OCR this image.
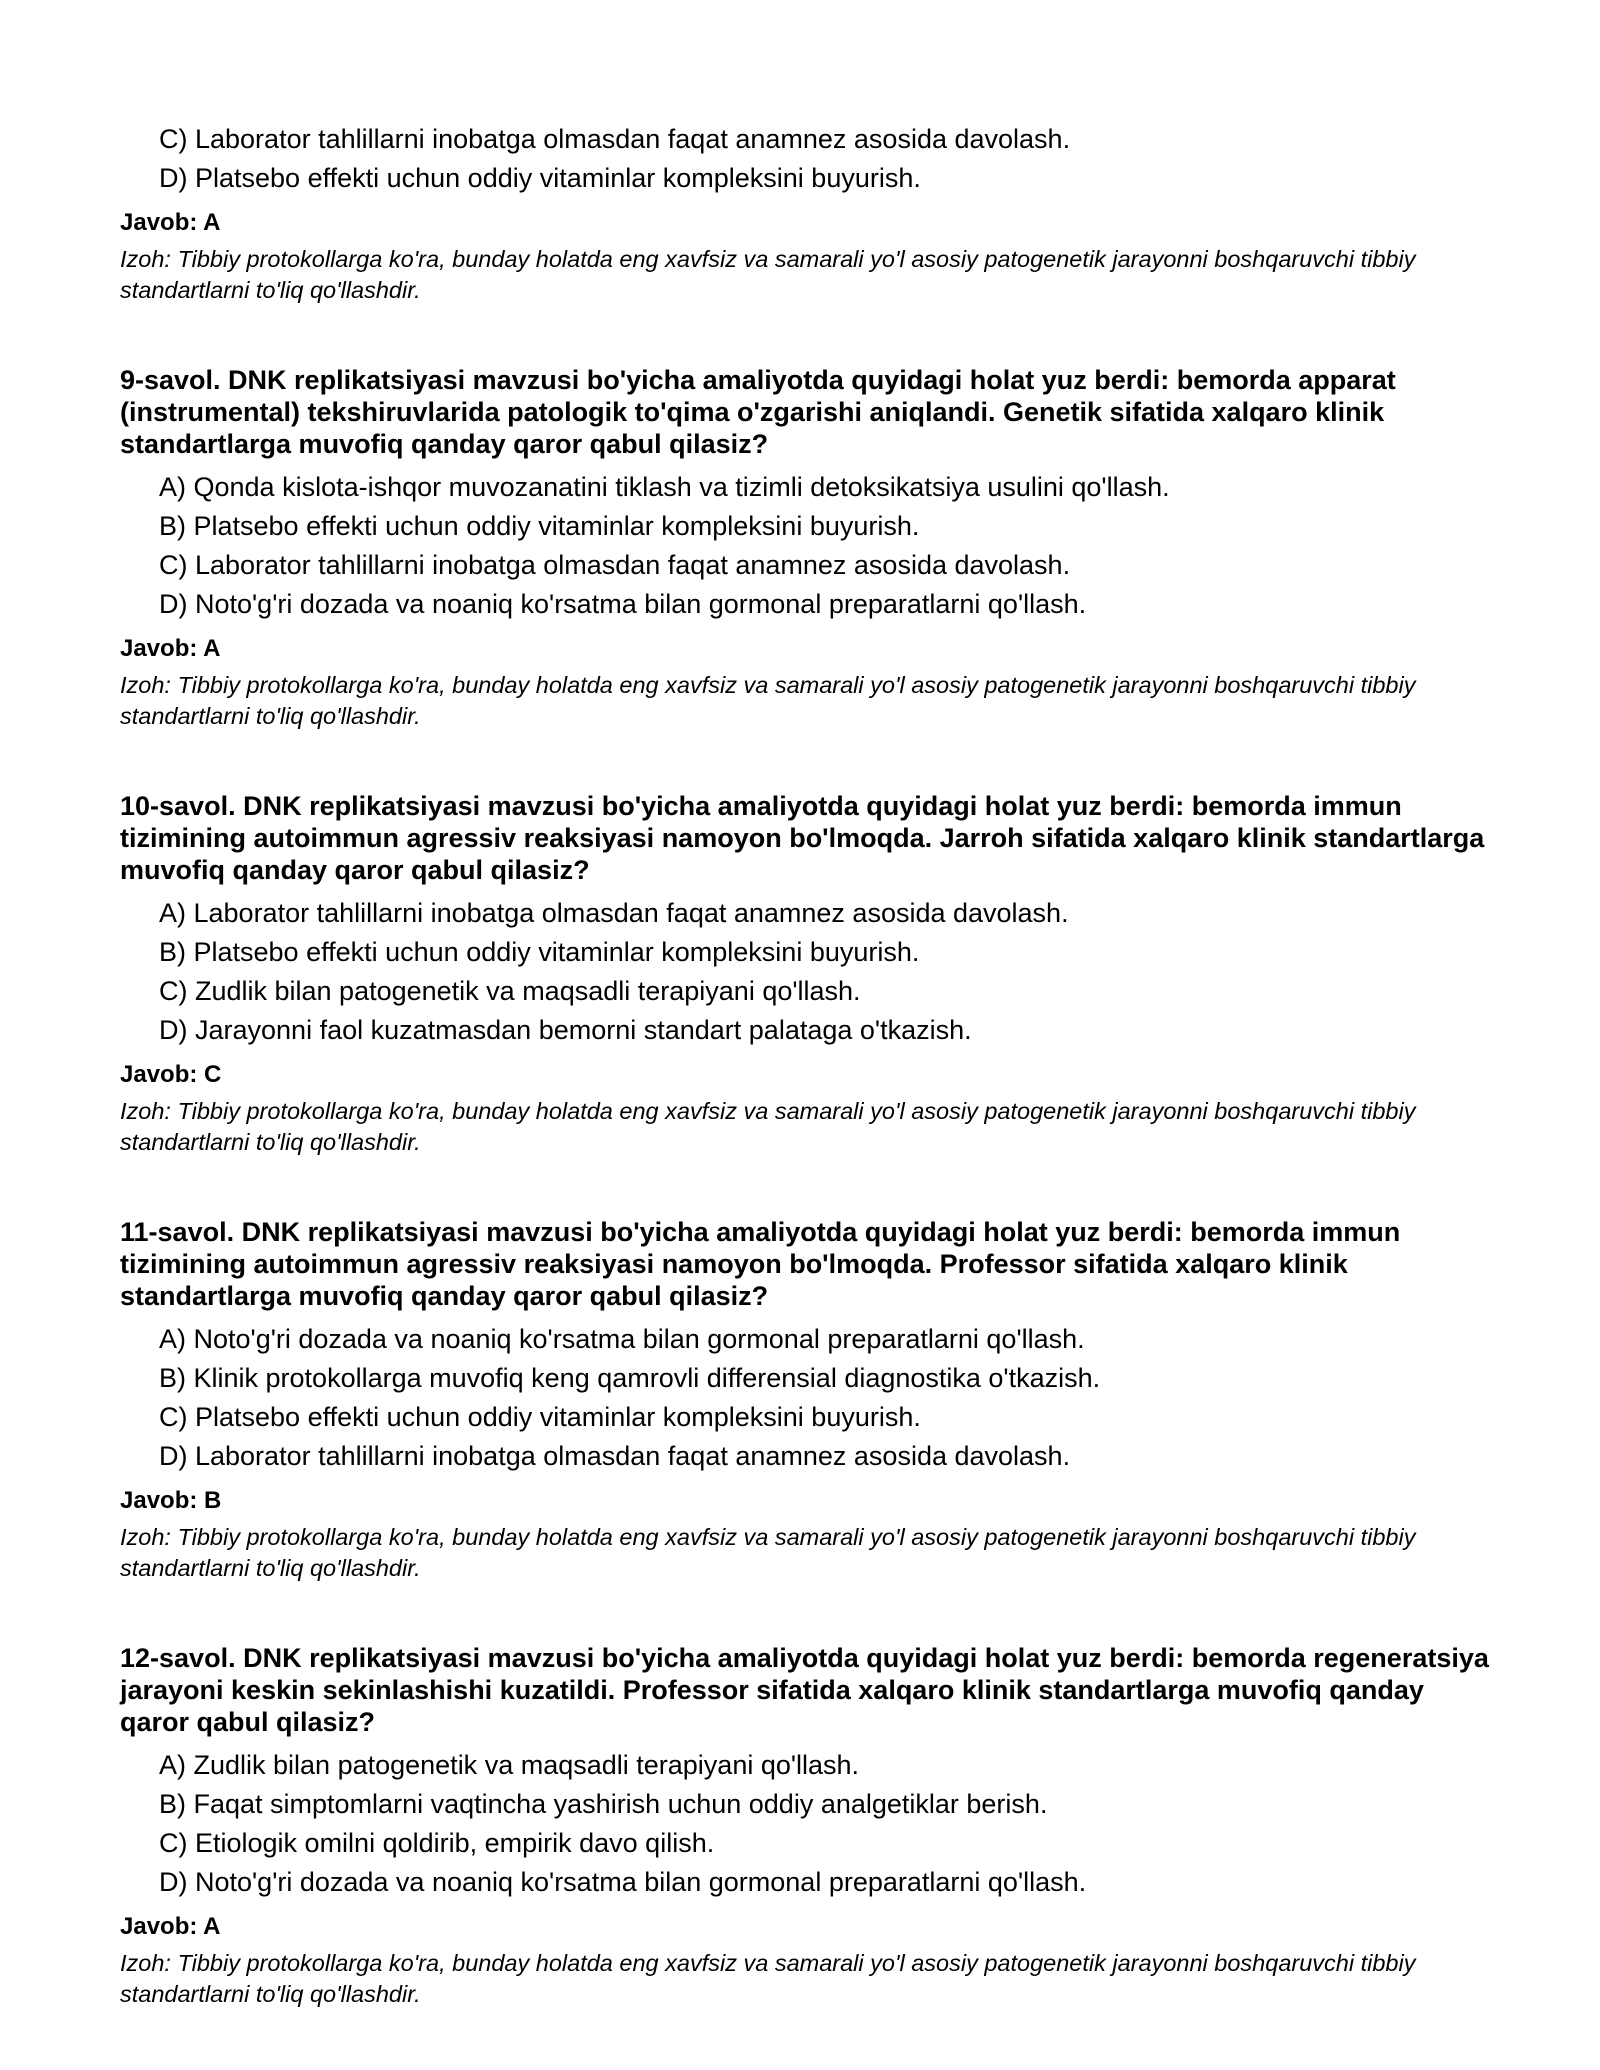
C) Laborator tahlillarni inobatga olmasdan faqat anamnez asosida davolash.
D) Platsebo effekti uchun oddiy vitaminlar kompleksini buyurish.
Javob: A
Izoh: Tibbiy protokollarga ko'ra, bunday holatda eng xavfsiz va samarali yo'l asosiy patogenetik jarayonni boshqaruvchi tibbiy standartlarni to'liq qo'llashdir.
9-savol. DNK replikatsiyasi mavzusi bo'yicha amaliyotda quyidagi holat yuz berdi: bemorda apparat (instrumental) tekshiruvlarida patologik to'qima o'zgarishi aniqlandi. Genetik sifatida xalqaro klinik standartlarga muvofiq qanday qaror qabul qilasiz?
A) Qonda kislota-ishqor muvozanatini tiklash va tizimli detoksikatsiya usulini qo'llash.
B) Platsebo effekti uchun oddiy vitaminlar kompleksini buyurish.
C) Laborator tahlillarni inobatga olmasdan faqat anamnez asosida davolash.
D) Noto'g'ri dozada va noaniq ko'rsatma bilan gormonal preparatlarni qo'llash.
Javob: A
Izoh: Tibbiy protokollarga ko'ra, bunday holatda eng xavfsiz va samarali yo'l asosiy patogenetik jarayonni boshqaruvchi tibbiy standartlarni to'liq qo'llashdir.
10-savol. DNK replikatsiyasi mavzusi bo'yicha amaliyotda quyidagi holat yuz berdi: bemorda immun tizimining autoimmun agressiv reaksiyasi namoyon bo'lmoqda. Jarroh sifatida xalqaro klinik standartlarga muvofiq qanday qaror qabul qilasiz?
A) Laborator tahlillarni inobatga olmasdan faqat anamnez asosida davolash.
B) Platsebo effekti uchun oddiy vitaminlar kompleksini buyurish.
C) Zudlik bilan patogenetik va maqsadli terapiyani qo'llash.
D) Jarayonni faol kuzatmasdan bemorni standart palataga o'tkazish.
Javob: C
Izoh: Tibbiy protokollarga ko'ra, bunday holatda eng xavfsiz va samarali yo'l asosiy patogenetik jarayonni boshqaruvchi tibbiy standartlarni to'liq qo'llashdir.
11-savol. DNK replikatsiyasi mavzusi bo'yicha amaliyotda quyidagi holat yuz berdi: bemorda immun tizimining autoimmun agressiv reaksiyasi namoyon bo'lmoqda. Professor sifatida xalqaro klinik standartlarga muvofiq qanday qaror qabul qilasiz?
A) Noto'g'ri dozada va noaniq ko'rsatma bilan gormonal preparatlarni qo'llash.
B) Klinik protokollarga muvofiq keng qamrovli differensial diagnostika o'tkazish.
C) Platsebo effekti uchun oddiy vitaminlar kompleksini buyurish.
D) Laborator tahlillarni inobatga olmasdan faqat anamnez asosida davolash.
Javob: B
Izoh: Tibbiy protokollarga ko'ra, bunday holatda eng xavfsiz va samarali yo'l asosiy patogenetik jarayonni boshqaruvchi tibbiy standartlarni to'liq qo'llashdir.
12-savol. DNK replikatsiyasi mavzusi bo'yicha amaliyotda quyidagi holat yuz berdi: bemorda regeneratsiya jarayoni keskin sekinlashishi kuzatildi. Professor sifatida xalqaro klinik standartlarga muvofiq qanday qaror qabul qilasiz?
A) Zudlik bilan patogenetik va maqsadli terapiyani qo'llash.
B) Faqat simptomlarni vaqtincha yashirish uchun oddiy analgetiklar berish.
C) Etiologik omilni qoldirib, empirik davo qilish.
D) Noto'g'ri dozada va noaniq ko'rsatma bilan gormonal preparatlarni qo'llash.
Javob: A
Izoh: Tibbiy protokollarga ko'ra, bunday holatda eng xavfsiz va samarali yo'l asosiy patogenetik jarayonni boshqaruvchi tibbiy standartlarni to'liq qo'llashdir.
